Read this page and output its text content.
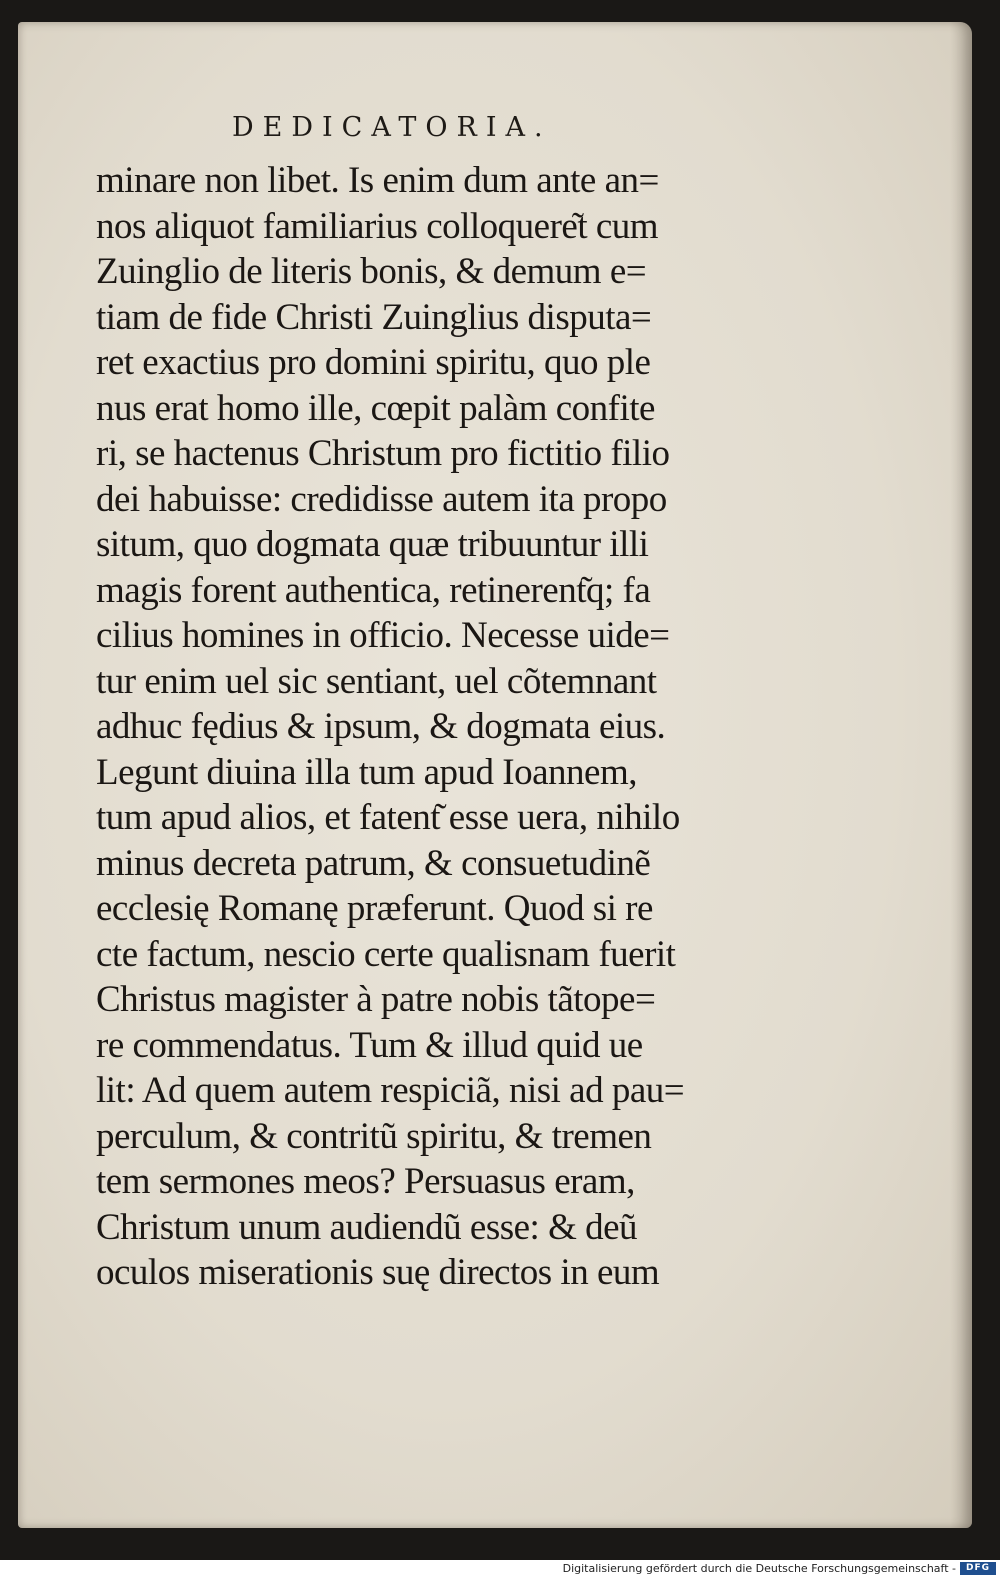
DEDICATORIA.
minare non libet. Is enim dum ante an=
nos aliquot familiarius colloquere͂t cum
Zuinglio de literis bonis, & demum e=
tiam de fide Christi Zuinglius disputa=
ret exactius pro domini spiritu, quo ple
nus erat homo ille, cœpit palàm confite
ri, se hactenus Christum pro fictitio filio
dei habuisse: credidisse autem ita propo
situm, quo dogmata quæ tribuuntur illi
magis forent authentica, retinerent͂q; fa
cilius homines in officio. Necesse uide=
tur enim uel sic sentiant, uel cõtemnant
adhuc fędius & ipsum, & dogmata eius.
Legunt diuina illa tum apud Ioannem,
tum apud alios, et fatent͂ esse uera, nihilo
minus decreta patrum, & consuetudinẽ
ecclesię Romanę præferunt. Quod si re
cte factum, nescio certe qualisnam fuerit
Christus magister à patre nobis tãtope=
re commendatus. Tum & illud quid ue
lit: Ad quem autem respiciã, nisi ad pau=
perculum, & contritũ spiritu, & tremen
tem sermones meos? Persuasus eram,
Christum unum audiendũ esse: & deũ
oculos miserationis suę directos in eum
Digitalisierung gefördert durch die Deutsche Forschungsgemeinschaft -	DFG
